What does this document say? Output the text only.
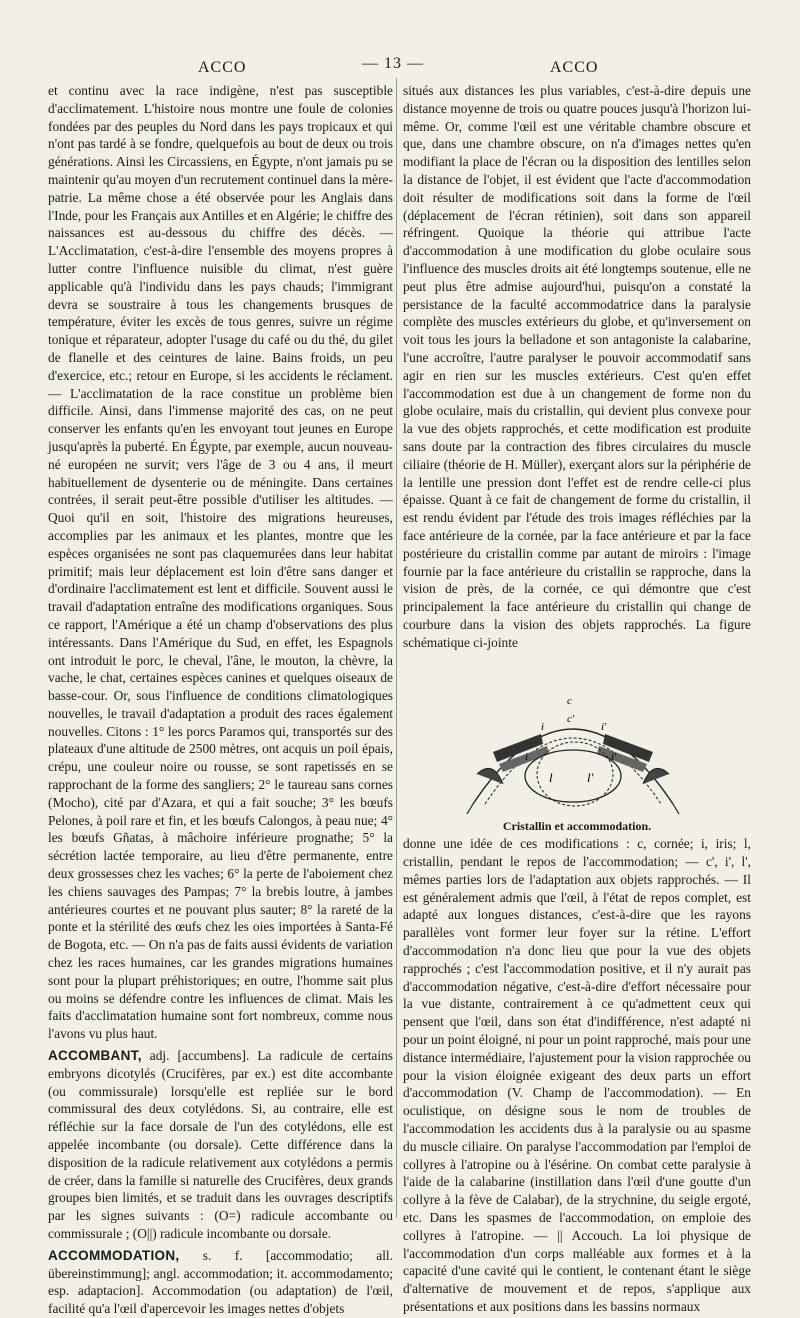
ACCO	— 13 —	ACCO

et continu avec la race indigène, n'est pas susceptible d'acclimatement. L'histoire nous montre une foule de colonies fondées par des peuples du Nord dans les pays tropicaux et qui n'ont pas tardé à se fondre, quelquefois au bout de deux ou trois générations. Ainsi les Circassiens, en Égypte, n'ont jamais pu se maintenir qu'au moyen d'un recrutement continuel dans la mère-patrie. La même chose a été observée pour les Anglais dans l'Inde, pour les Français aux Antilles et en Algérie; le chiffre des naissances est au-dessous du chiffre des décès. — L'Acclimatation, c'est-à-dire l'ensemble des moyens propres à lutter contre l'influence nuisible du climat, n'est guère applicable qu'à l'individu dans les pays chauds; l'immigrant devra se soustraire à tous les changements brusques de température, éviter les excès de tous genres, suivre un régime tonique et réparateur, adopter l'usage du café ou du thé, du gilet de flanelle et des ceintures de laine. Bains froids, un peu d'exercice, etc.; retour en Europe, si les accidents le réclament. — L'acclimatation de la race constitue un problème bien difficile. Ainsi, dans l'immense majorité des cas, on ne peut conserver les enfants qu'en les envoyant tout jeunes en Europe jusqu'après la puberté. En Égypte, par exemple, aucun nouveau-né européen ne survit; vers l'âge de 3 ou 4 ans, il meurt habituellement de dysenterie ou de méningite. Dans certaines contrées, il serait peut-être possible d'utiliser les altitudes. — Quoi qu'il en soit, l'histoire des migrations heureuses, accomplies par les animaux et les plantes, montre que les espèces organisées ne sont pas claquemurées dans leur habitat primitif; mais leur déplacement est loin d'être sans danger et d'ordinaire l'acclimatement est lent et difficile. Souvent aussi le travail d'adaptation entraîne des modifications organiques. Sous ce rapport, l'Amérique a été un champ d'observations des plus intéressants. Dans l'Amérique du Sud, en effet, les Espagnols ont introduit le porc, le cheval, l'âne, le mouton, la chèvre, la vache, le chat, certaines espèces canines et quelques oiseaux de basse-cour. Or, sous l'influence de conditions climatologiques nouvelles, le travail d'adaptation a produit des races également nouvelles. Citons : 1° les porcs Paramos qui, transportés sur des plateaux d'une altitude de 2500 mètres, ont acquis un poil épais, crépu, une couleur noire ou rousse, se sont rapetissés en se rapprochant de la forme des sangliers; 2° le taureau sans cornes (Mocho), cité par d'Azara, et qui a fait souche; 3° les bœufs Pelones, à poil rare et fin, et les bœufs Calongos, à peau nue; 4° les bœufs Gñatas, à mâchoire inférieure prognathe; 5° la sécrétion lactée temporaire, au lieu d'être permanente, entre deux grossesses chez les vaches; 6° la perte de l'aboiement chez les chiens sauvages des Pampas; 7° la brebis loutre, à jambes antérieures courtes et ne pouvant plus sauter; 8° la rareté de la ponte et la stérilité des œufs chez les oies importées à Santa-Fé de Bogota, etc. — On n'a pas de faits aussi évidents de variation chez les races humaines, car les grandes migrations humaines sont pour la plupart préhistoriques; en outre, l'homme sait plus ou moins se défendre contre les influences de climat. Mais les faits d'acclimatation humaine sont fort nombreux, comme nous l'avons vu plus haut.

ACCOMBANT, adj. [accumbens]. La radicule de certains embryons dicotylés (Crucifères, par ex.) est dite accombante (ou commissurale) lorsqu'elle est repliée sur le bord commissural des deux cotylédons. Si, au contraire, elle est réfléchie sur la face dorsale de l'un des cotylédons, elle est appelée incombante (ou dorsale). Cette différence dans la disposition de la radicule relativement aux cotylédons a permis de créer, dans la famille si naturelle des Crucifères, deux grands groupes bien limités, et se traduit dans les ouvrages descriptifs par les signes suivants : (O=) radicule accombante ou commissurale ; (O||) radicule incombante ou dorsale.

ACCOMMODATION, s. f. [accommodatio; all. übereinstimmung]; angl. accommodation; it. accommodamento; esp. adaptacion]. Accommodation (ou adaptation) de l'œil, facilité qu'a l'œil d'apercevoir les images nettes d'objets

situés aux distances les plus variables, c'est-à-dire depuis une distance moyenne de trois ou quatre pouces jusqu'à l'horizon lui-même. Or, comme l'œil est une véritable chambre obscure et que, dans une chambre obscure, on n'a d'images nettes qu'en modifiant la place de l'écran ou la disposition des lentilles selon la distance de l'objet, il est évident que l'acte d'accommodation doit résulter de modifications soit dans la forme de l'œil (déplacement de l'écran rétinien), soit dans son appareil réfringent. Quoique la théorie qui attribue l'acte d'accommodation à une modification du globe oculaire sous l'influence des muscles droits ait été longtemps soutenue, elle ne peut plus être admise aujourd'hui, puisqu'on a constaté la persistance de la faculté accommodatrice dans la paralysie complète des muscles extérieurs du globe, et qu'inversement on voit tous les jours la belladone et son antagoniste la calabarine, l'une accroître, l'autre paralyser le pouvoir accommodatif sans agir en rien sur les muscles extérieurs. C'est qu'en effet l'accommodation est due à un changement de forme non du globe oculaire, mais du cristallin, qui devient plus convexe pour la vue des objets rapprochés, et cette modification est produite sans doute par la contraction des fibres circulaires du muscle ciliaire (théorie de H. Müller), exerçant alors sur la périphérie de la lentille une pression dont l'effet est de rendre celle-ci plus épaisse. Quant à ce fait de changement de forme du cristallin, il est rendu évident par l'étude des trois images réfléchies par la face antérieure de la cornée, par la face antérieure et par la face postérieure du cristallin comme par autant de miroirs : l'image fournie par la face antérieure du cristallin se rapproche, dans la vision de près, de la cornée, ce qui démontre que c'est principalement la face antérieure du cristallin qui change de courbure dans la vision des objets rapprochés. La figure schématique ci-jointe

c
c'
i	i'
i	i'
l	l'

Cristallin et accommodation.

donne une idée de ces modifications : c, cornée; i, iris; l, cristallin, pendant le repos de l'accommodation; — c', i', l', mêmes parties lors de l'adaptation aux objets rapprochés. — Il est généralement admis que l'œil, à l'état de repos complet, est adapté aux longues distances, c'est-à-dire que les rayons parallèles vont former leur foyer sur la rétine. L'effort d'accommodation n'a donc lieu que pour la vue des objets rapprochés ; c'est l'accommodation positive, et il n'y aurait pas d'accommodation négative, c'est-à-dire d'effort nécessaire pour la vue distante, contrairement à ce qu'admettent ceux qui pensent que l'œil, dans son état d'indifférence, n'est adapté ni pour un point éloigné, ni pour un point rapproché, mais pour une distance intermédiaire, l'ajustement pour la vision rapprochée ou pour la vision éloignée exigeant des deux parts un effort d'accommodation (V. Champ de l'accommodation). — En oculistique, on désigne sous le nom de troubles de l'accommodation les accidents dus à la paralysie ou au spasme du muscle ciliaire. On paralyse l'accommodation par l'emploi de collyres à l'atropine ou à l'ésérine. On combat cette paralysie à l'aide de la calabarine (instillation dans l'œil d'une goutte d'un collyre à la fève de Calabar), de la strychnine, du seigle ergoté, etc. Dans les spasmes de l'accommodation, on emploie des collyres à l'atropine. — || Accouch. La loi physique de l'accommodation d'un corps malléable aux formes et à la capacité d'une cavité qui le contient, le contenant étant le siège d'alternative de mouvement et de repos, s'applique aux présentations et aux positions dans les bassins normaux
